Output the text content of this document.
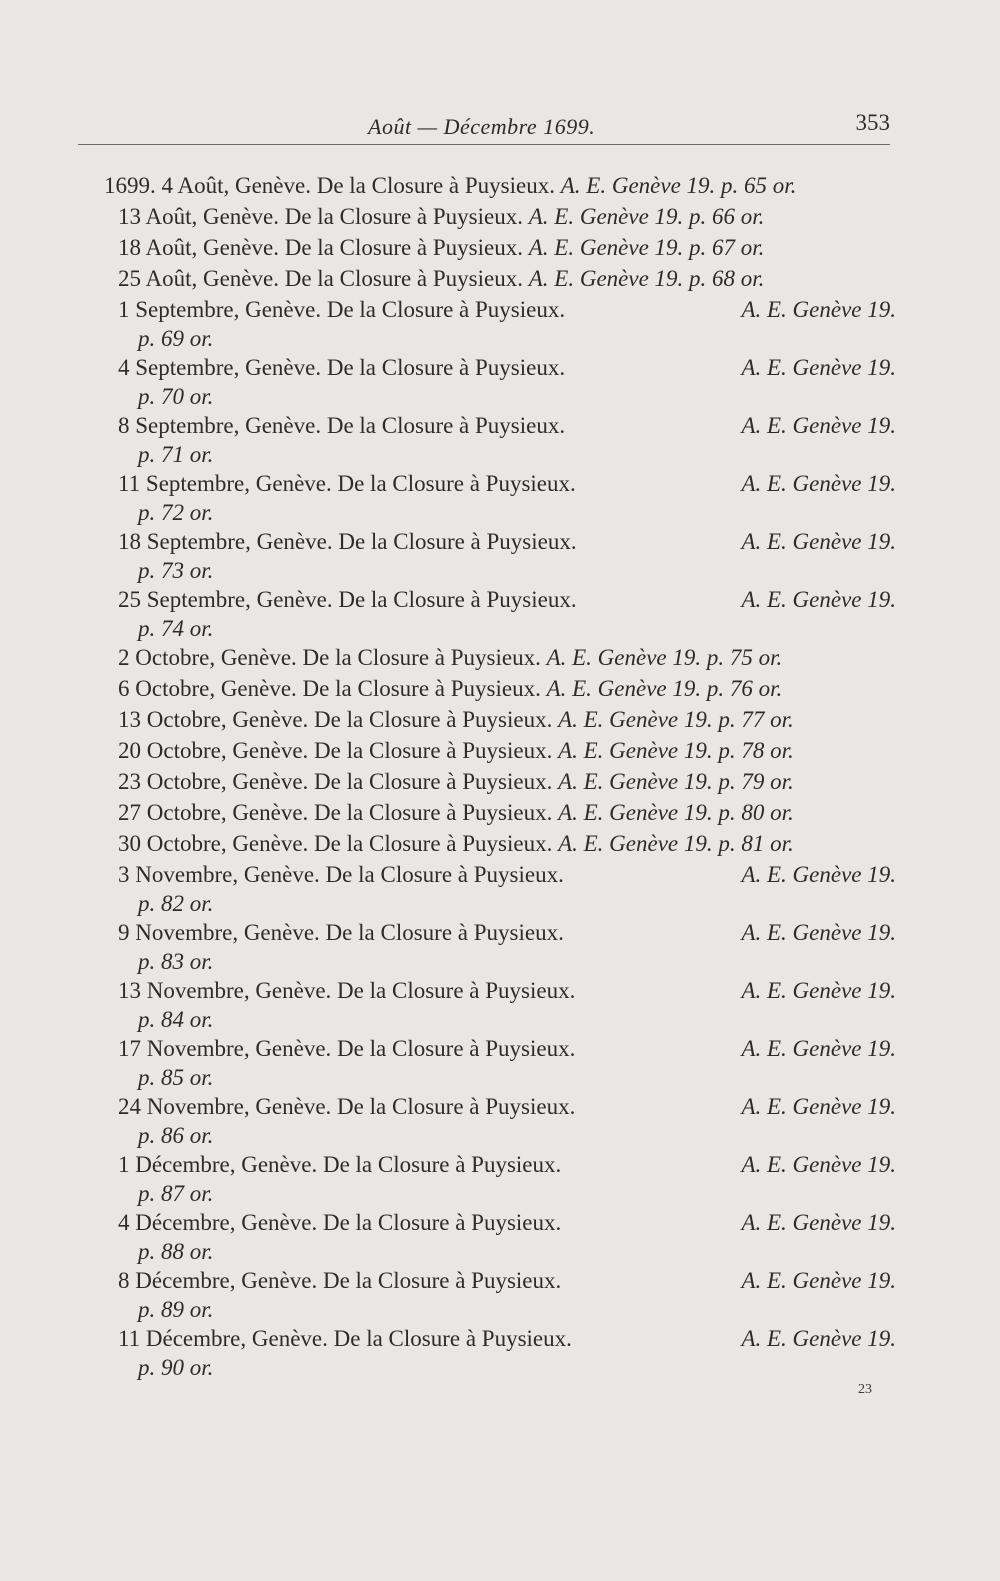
Août — Décembre 1699.	353
1699. 4 Août, Genève. De la Closure à Puysieux. A. E. Genève 19. p. 65 or.
13 Août, Genève. De la Closure à Puysieux. A. E. Genève 19. p. 66 or.
18 Août, Genève. De la Closure à Puysieux. A. E. Genève 19. p. 67 or.
25 Août, Genève. De la Closure à Puysieux. A. E. Genève 19. p. 68 or.
1 Septembre, Genève. De la Closure à Puysieux.	A. E. Genève 19.
p. 69 or.
4 Septembre, Genève. De la Closure à Puysieux.	A. E. Genève 19.
p. 70 or.
8 Septembre, Genève. De la Closure à Puysieux.	A. E. Genève 19.
p. 71 or.
11 Septembre, Genève. De la Closure à Puysieux.	A. E. Genève 19.
p. 72 or.
18 Septembre, Genève. De la Closure à Puysieux.	A. E. Genève 19.
p. 73 or.
25 Septembre, Genève. De la Closure à Puysieux.	A. E. Genève 19.
p. 74 or.
2 Octobre, Genève. De la Closure à Puysieux. A. E. Genève 19. p. 75 or.
6 Octobre, Genève. De la Closure à Puysieux. A. E. Genève 19. p. 76 or.
13 Octobre, Genève. De la Closure à Puysieux. A. E. Genève 19. p. 77 or.
20 Octobre, Genève. De la Closure à Puysieux. A. E. Genève 19. p. 78 or.
23 Octobre, Genève. De la Closure à Puysieux. A. E. Genève 19. p. 79 or.
27 Octobre, Genève. De la Closure à Puysieux. A. E. Genève 19. p. 80 or.
30 Octobre, Genève. De la Closure à Puysieux. A. E. Genève 19. p. 81 or.
3 Novembre, Genève. De la Closure à Puysieux.	A. E. Genève 19.
p. 82 or.
9 Novembre, Genève. De la Closure à Puysieux.	A. E. Genève 19.
p. 83 or.
13 Novembre, Genève. De la Closure à Puysieux.	A. E. Genève 19.
p. 84 or.
17 Novembre, Genève. De la Closure à Puysieux.	A. E. Genève 19.
p. 85 or.
24 Novembre, Genève. De la Closure à Puysieux.	A. E. Genève 19.
p. 86 or.
1 Décembre, Genève. De la Closure à Puysieux.	A. E. Genève 19.
p. 87 or.
4 Décembre, Genève. De la Closure à Puysieux.	A. E. Genève 19.
p. 88 or.
8 Décembre, Genève. De la Closure à Puysieux.	A. E. Genève 19.
p. 89 or.
11 Décembre, Genève. De la Closure à Puysieux.	A. E. Genève 19.
p. 90 or.
23
